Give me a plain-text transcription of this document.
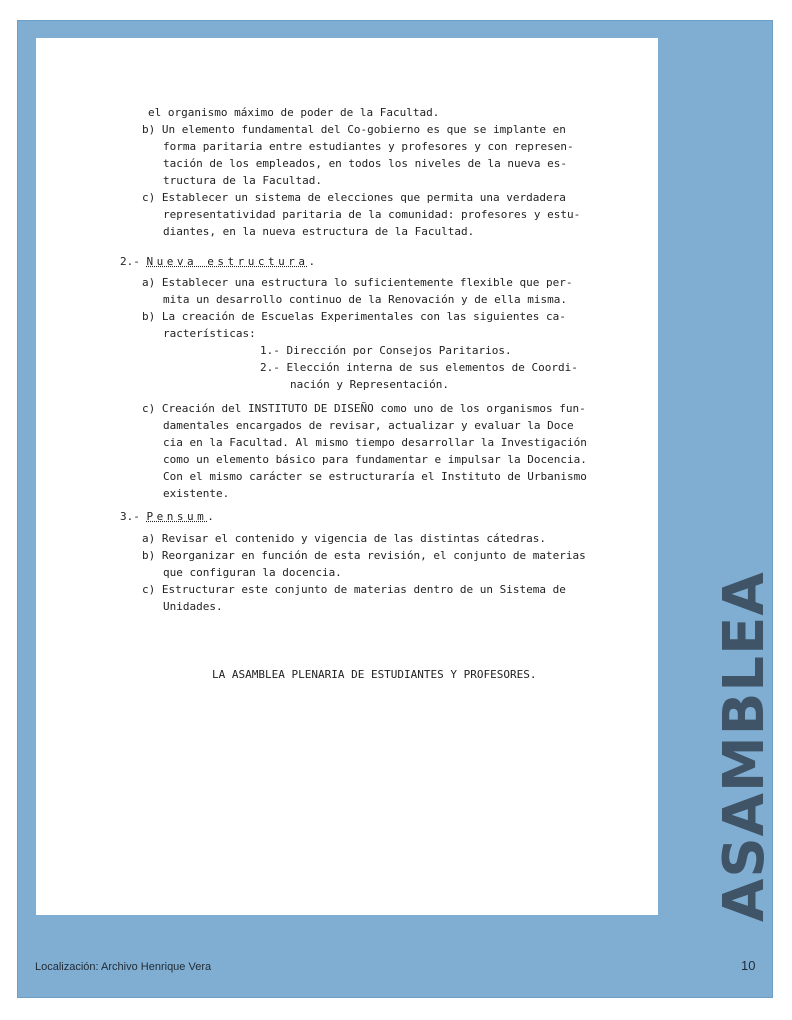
el organismo máximo de poder de la Facultad.
b) Un elemento fundamental del Co-gobierno es que se implante en
forma paritaria entre estudiantes y profesores y con represen-
tación de los empleados, en todos los niveles de la nueva es-
tructura de la Facultad.
c) Establecer un sistema de elecciones que permita una verdadera
representatividad paritaria de la comunidad: profesores y estu-
diantes, en la nueva estructura de la Facultad.
2.- Nueva estructura.
a) Establecer una estructura lo suficientemente flexible que per-
mita un desarrollo continuo de la Renovación y de ella misma.
b) La creación de Escuelas Experimentales con las siguientes ca-
racterísticas:
1.- Dirección por Consejos Paritarios.
2.- Elección interna de sus elementos de Coordi-
nación y Representación.
c) Creación del INSTITUTO DE DISEÑO como uno de los organismos fun-
damentales encargados de revisar, actualizar y evaluar la Doce
cia en la Facultad. Al mismo tiempo desarrollar la Investigación
como un elemento básico para fundamentar e impulsar la Docencia.
Con el mismo carácter se estructuraría el Instituto de Urbanismo
existente.
3.- Pensum.
a) Revisar el contenido y vigencia de las distintas cátedras.
b) Reorganizar en función de esta revisión, el conjunto de materias
que configuran la docencia.
c) Estructurar este conjunto de materias dentro de un Sistema de
Unidades.
LA ASAMBLEA PLENARIA DE ESTUDIANTES Y PROFESORES.	ASAMBLEA
Localización: Archivo Henrique Vera	10
